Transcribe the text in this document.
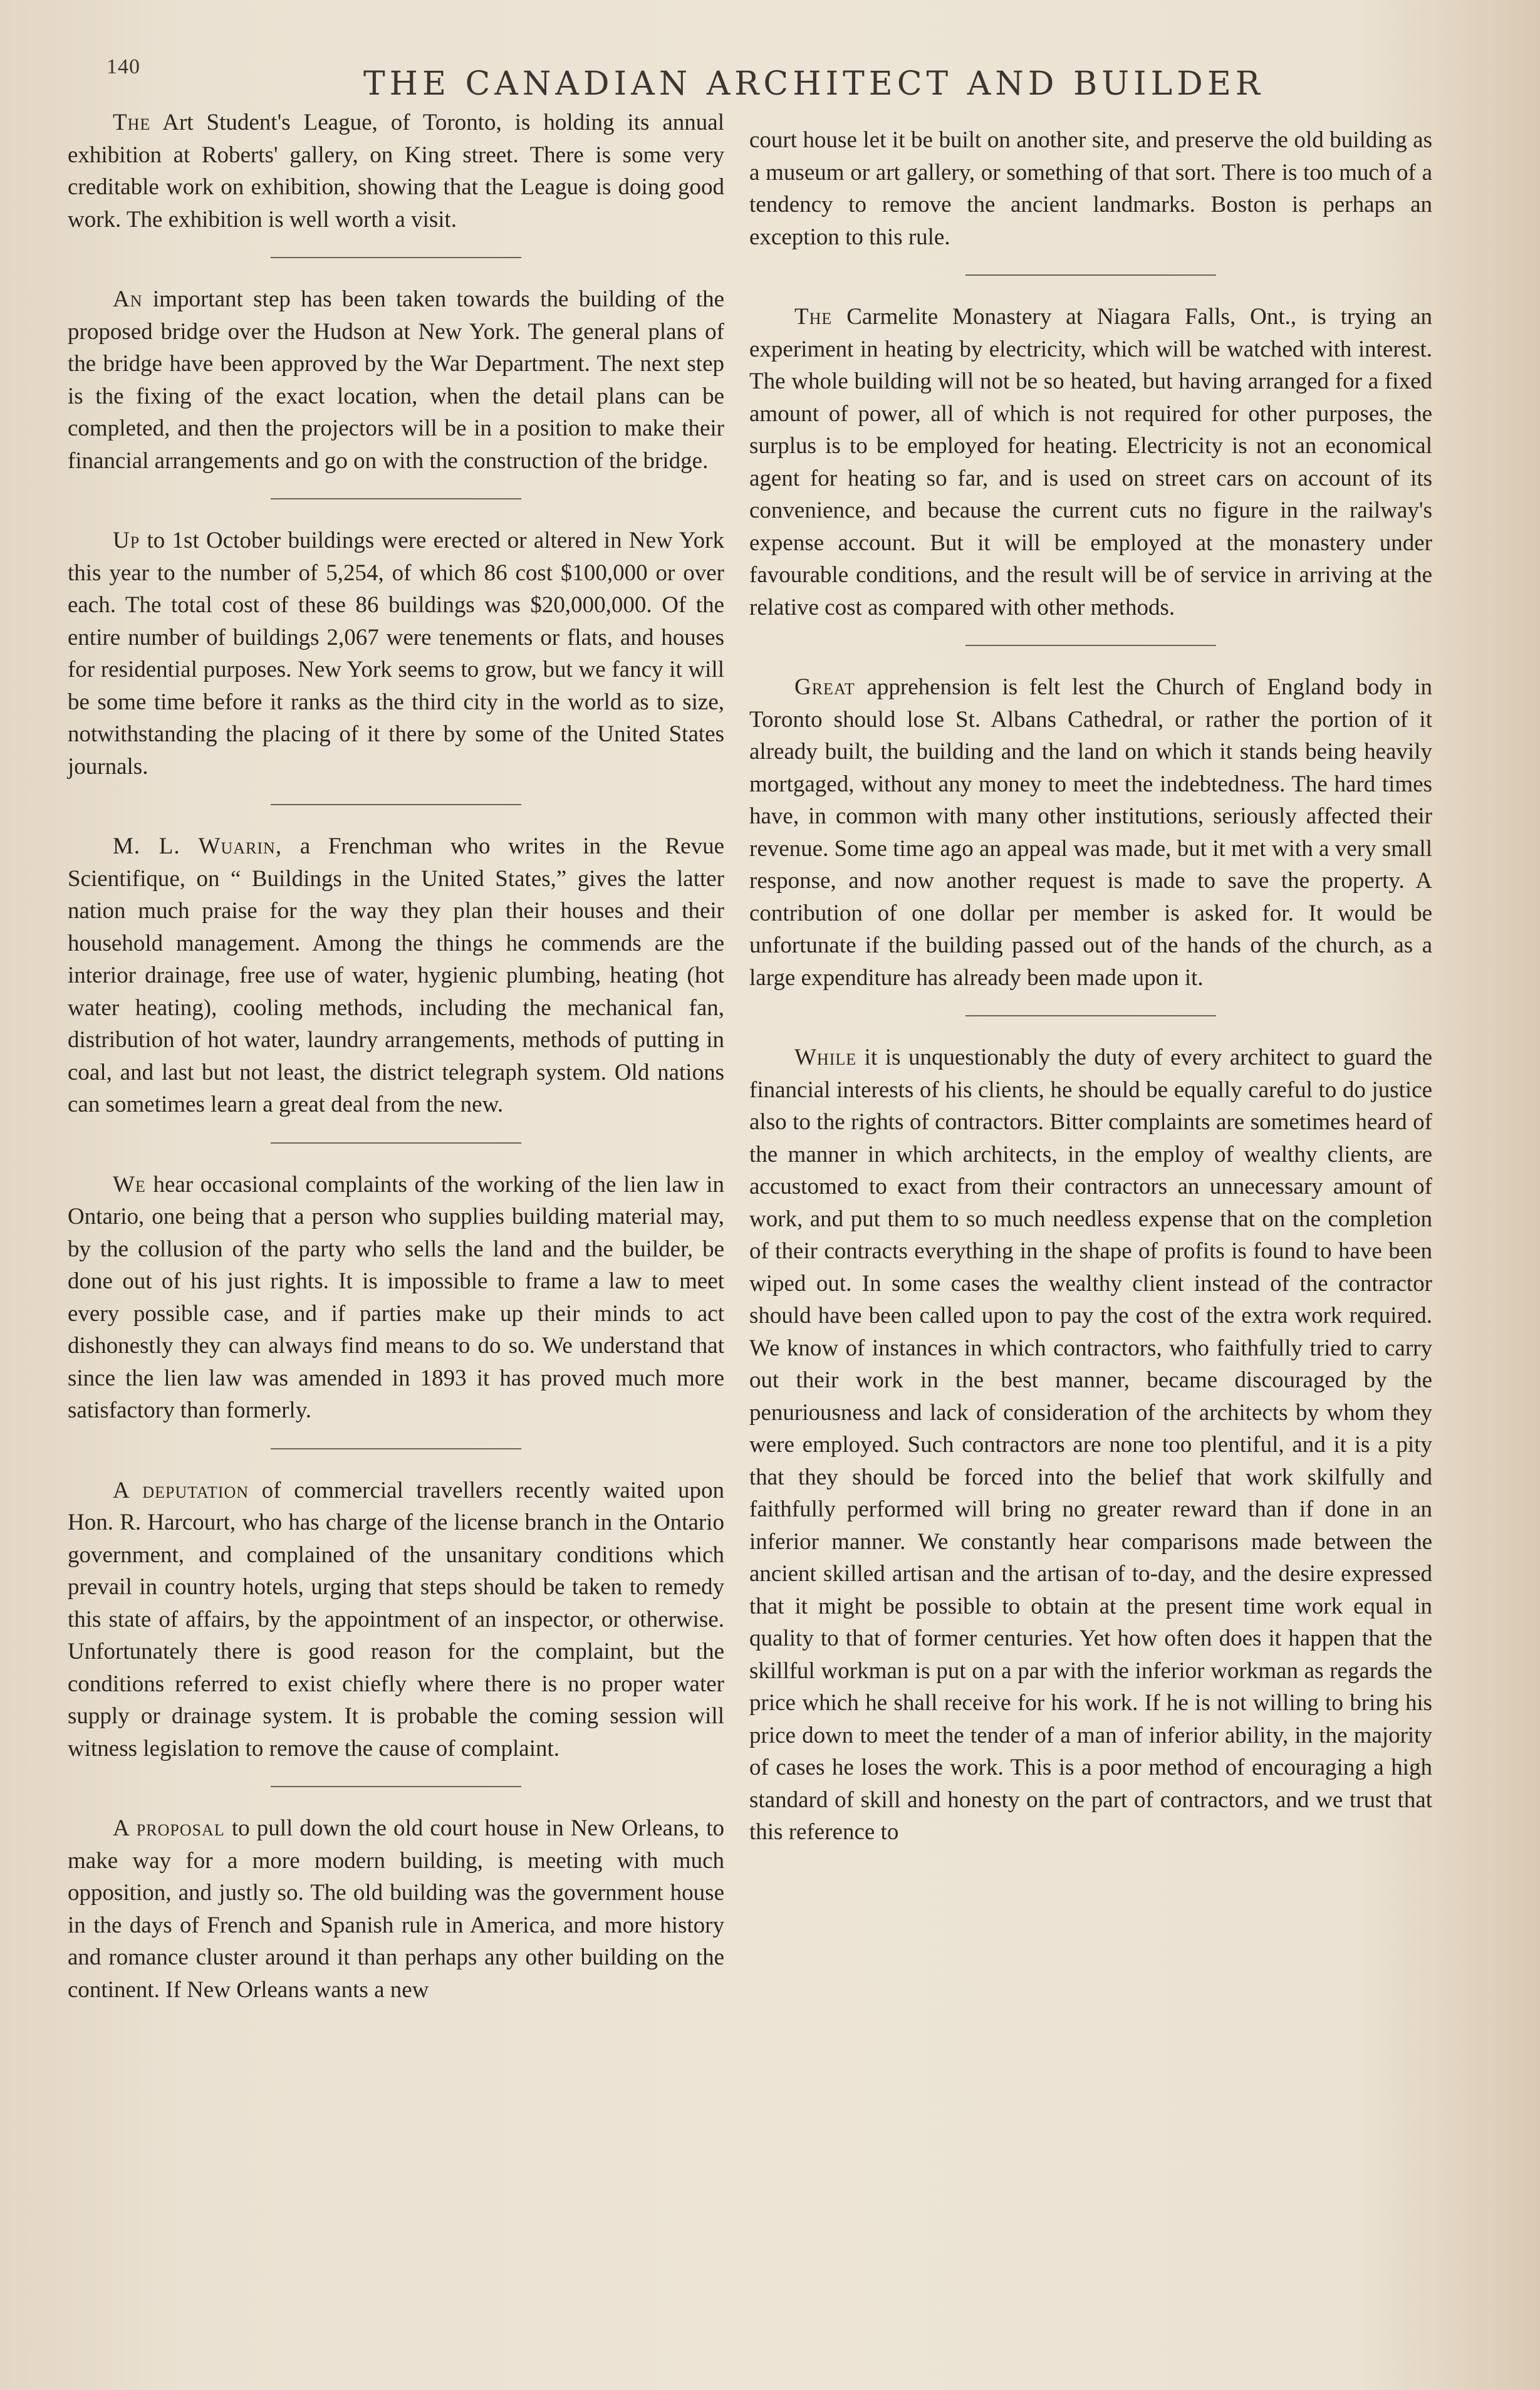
140	THE CANADIAN ARCHITECT AND BUILDER

The Art Student's League, of Toronto, is holding its annual exhibition at Roberts' gallery, on King street. There is some very creditable work on exhibition, showing that the League is doing good work. The exhibition is well worth a visit.

An important step has been taken towards the building of the proposed bridge over the Hudson at New York. The general plans of the bridge have been approved by the War Department. The next step is the fixing of the exact location, when the detail plans can be completed, and then the projectors will be in a position to make their financial arrangements and go on with the construction of the bridge.

Up to 1st October buildings were erected or altered in New York this year to the number of 5,254, of which 86 cost $100,000 or over each. The total cost of these 86 buildings was $20,000,000. Of the entire number of buildings 2,067 were tenements or flats, and houses for residential purposes. New York seems to grow, but we fancy it will be some time before it ranks as the third city in the world as to size, notwithstanding the placing of it there by some of the United States journals.

M. L. Wuarin, a Frenchman who writes in the Revue Scientifique, on “ Buildings in the United States,” gives the latter nation much praise for the way they plan their houses and their household management. Among the things he commends are the interior drainage, free use of water, hygienic plumbing, heating (hot water heating), cooling methods, including the mechanical fan, distribution of hot water, laundry arrangements, methods of putting in coal, and last but not least, the district telegraph system. Old nations can sometimes learn a great deal from the new.

We hear occasional complaints of the working of the lien law in Ontario, one being that a person who supplies building material may, by the collusion of the party who sells the land and the builder, be done out of his just rights. It is impossible to frame a law to meet every possible case, and if parties make up their minds to act dishonestly they can always find means to do so. We understand that since the lien law was amended in 1893 it has proved much more satisfactory than formerly.

A deputation of commercial travellers recently waited upon Hon. R. Harcourt, who has charge of the license branch in the Ontario government, and complained of the unsanitary conditions which prevail in country hotels, urging that steps should be taken to remedy this state of affairs, by the appointment of an inspector, or otherwise. Unfortunately there is good reason for the complaint, but the conditions referred to exist chiefly where there is no proper water supply or drainage system. It is probable the coming session will witness legislation to remove the cause of complaint.

A proposal to pull down the old court house in New Orleans, to make way for a more modern building, is meeting with much opposition, and justly so. The old building was the government house in the days of French and Spanish rule in America, and more history and romance cluster around it than perhaps any other building on the continent. If New Orleans wants a new

court house let it be built on another site, and preserve the old building as a museum or art gallery, or something of that sort. There is too much of a tendency to remove the ancient landmarks. Boston is perhaps an exception to this rule.

The Carmelite Monastery at Niagara Falls, Ont., is trying an experiment in heating by electricity, which will be watched with interest. The whole building will not be so heated, but having arranged for a fixed amount of power, all of which is not required for other purposes, the surplus is to be employed for heating. Electricity is not an economical agent for heating so far, and is used on street cars on account of its convenience, and because the current cuts no figure in the railway's expense account. But it will be employed at the monastery under favourable conditions, and the result will be of service in arriving at the relative cost as compared with other methods.

Great apprehension is felt lest the Church of England body in Toronto should lose St. Albans Cathedral, or rather the portion of it already built, the building and the land on which it stands being heavily mortgaged, without any money to meet the indebtedness. The hard times have, in common with many other institutions, seriously affected their revenue. Some time ago an appeal was made, but it met with a very small response, and now another request is made to save the property. A contribution of one dollar per member is asked for. It would be unfortunate if the building passed out of the hands of the church, as a large expenditure has already been made upon it.

While it is unquestionably the duty of every architect to guard the financial interests of his clients, he should be equally careful to do justice also to the rights of contractors. Bitter complaints are sometimes heard of the manner in which architects, in the employ of wealthy clients, are accustomed to exact from their contractors an unnecessary amount of work, and put them to so much needless expense that on the completion of their contracts everything in the shape of profits is found to have been wiped out. In some cases the wealthy client instead of the contractor should have been called upon to pay the cost of the extra work required. We know of instances in which contractors, who faithfully tried to carry out their work in the best manner, became discouraged by the penuriousness and lack of consideration of the architects by whom they were employed. Such contractors are none too plentiful, and it is a pity that they should be forced into the belief that work skilfully and faithfully performed will bring no greater reward than if done in an inferior manner. We constantly hear comparisons made between the ancient skilled artisan and the artisan of to-day, and the desire expressed that it might be possible to obtain at the present time work equal in quality to that of former centuries. Yet how often does it happen that the skillful workman is put on a par with the inferior workman as regards the price which he shall receive for his work. If he is not willing to bring his price down to meet the tender of a man of inferior ability, in the majority of cases he loses the work. This is a poor method of encouraging a high standard of skill and honesty on the part of contractors, and we trust that this reference to
